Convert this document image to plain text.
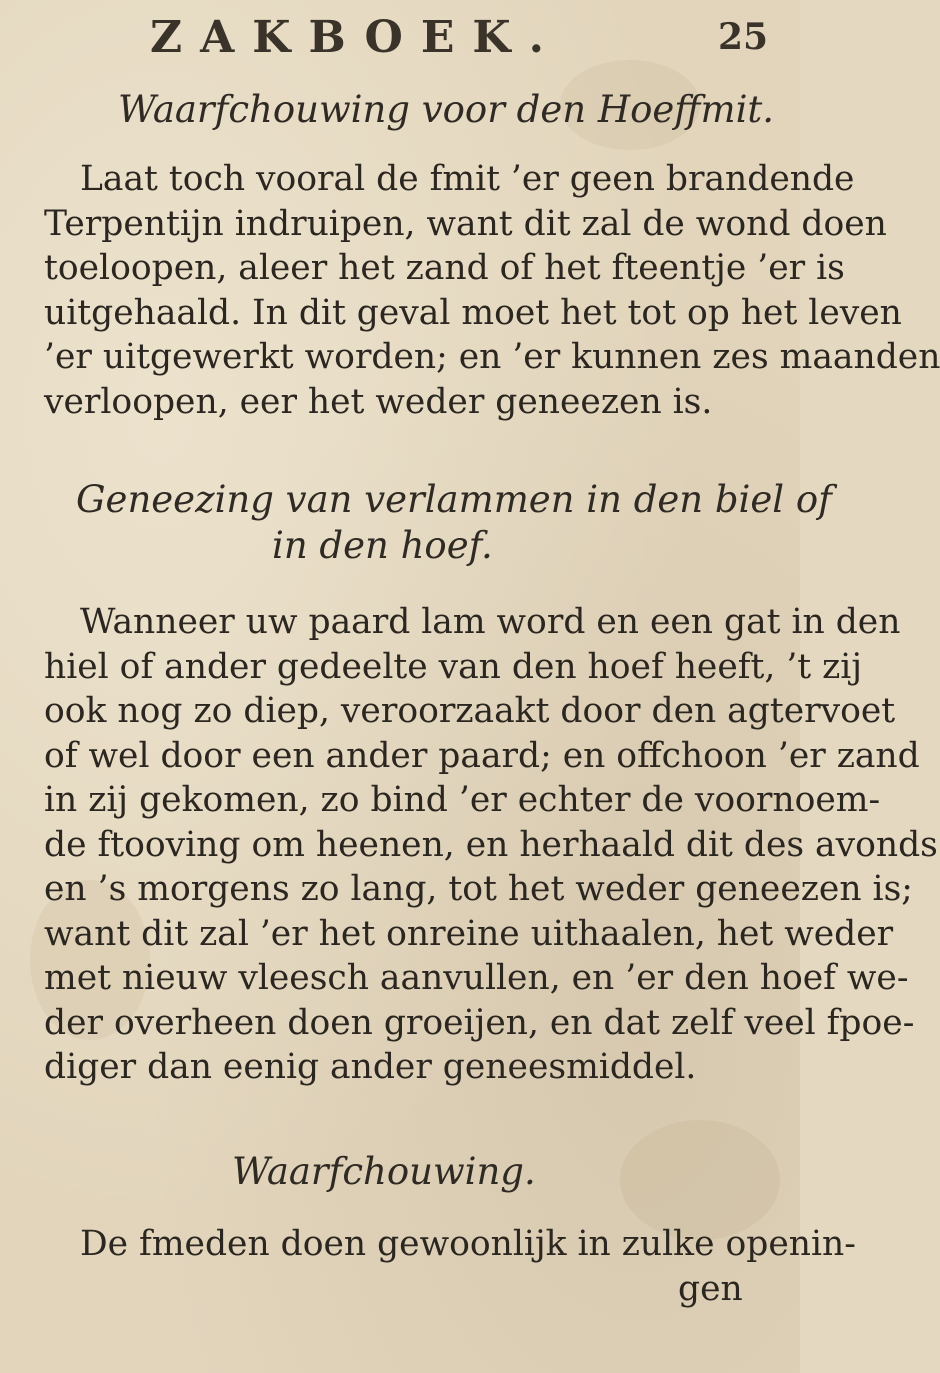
ZAKBOEK.	25
Waarfchouwing voor den Hoeffmit.
Laat toch vooral de fmit ’er geen brandende
Terpentijn indruipen, want dit zal de wond doen
toeloopen, aleer het zand of het fteentje ’er is
uitgehaald. In dit geval moet het tot op het leven
’er uitgewerkt worden; en ’er kunnen zes maanden
verloopen, eer het weder geneezen is.
Geneezing van verlammen in den biel of
in den hoef.
Wanneer uw paard lam word en een gat in den
hiel of ander gedeelte van den hoef heeft, ’t zij
ook nog zo diep, veroorzaakt door den agtervoet
of wel door een ander paard; en offchoon ’er zand
in zij gekomen, zo bind ’er echter de voornoem-
de ftooving om heenen, en herhaald dit des avonds
en ’s morgens zo lang, tot het weder geneezen is;
want dit zal ’er het onreine uithaalen, het weder
met nieuw vleesch aanvullen, en ’er den hoef we-
der overheen doen groeijen, en dat zelf veel fpoe-
diger dan eenig ander geneesmiddel.
Waarfchouwing.
De fmeden doen gewoonlijk in zulke openin-
gen
